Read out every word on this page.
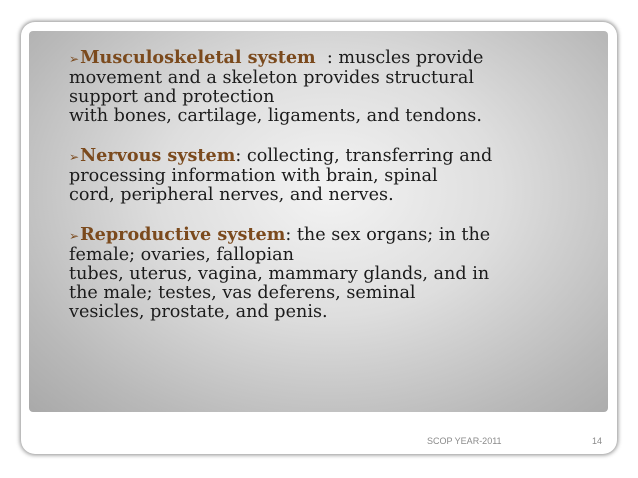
➢Musculoskeletal system  : muscles provide
movement and a skeleton provides structural
support and protection
with bones, cartilage, ligaments, and tendons.
➢Nervous system: collecting, transferring and
processing information with brain, spinal
cord, peripheral nerves, and nerves.
➢Reproductive system: the sex organs; in the
female; ovaries, fallopian
tubes, uterus, vagina, mammary glands, and in
the male; testes, vas deferens, seminal
vesicles, prostate, and penis.
SCOP YEAR-2011	14
